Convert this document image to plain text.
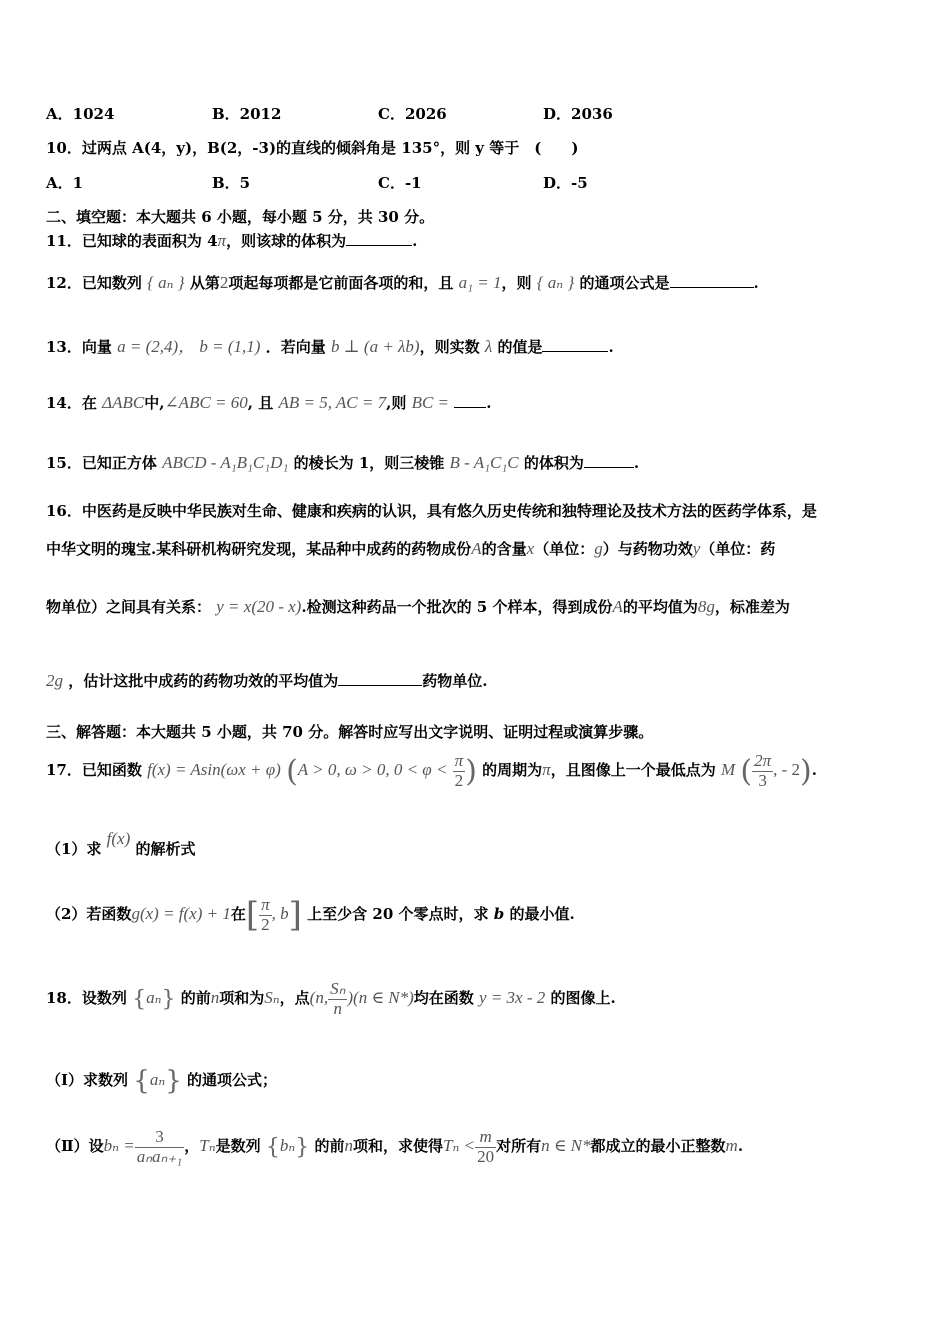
A．1024	B．2012	C．2026	D．2036
10．过两点 A(4，y)，B(2，-3)的直线的倾斜角是 135°，则 y 等于　(　　)
A．1	B．5	C．-1	D．-5
二、填空题：本大题共 6 小题，每小题 5 分，共 30 分。
11．已知球的表面积为 4π，则该球的体积为	.
12．已知数列 { aₙ } 从第2项起每项都是它前面各项的和，且 a₁ = 1，则 { aₙ } 的通项公式是	.
13．向量 a = (2,4)， b = (1,1) ．若向量 b ⊥ (a + λb)，则实数 λ 的值是	.
14．在 ΔABC中,∠ABC = 60, 且 AB = 5, AC = 7,则 BC = .
15．已知正方体 ABCD - A₁B₁C₁D₁ 的棱长为 1，则三棱锥 B - A₁C₁C 的体积为	.
16．中医药是反映中华民族对生命、健康和疾病的认识，具有悠久历史传统和独特理论及技术方法的医药学体系，是
中华文明的瑰宝.某科研机构研究发现，某品种中成药的药物成份A的含量x（单位：g）与药物功效y（单位：药
物单位）之间具有关系： y = x(20 - x).检测这种药品一个批次的 5 个样本，得到成份A的平均值为8g，标准差为
2g ，估计这批中成药的药物功效的平均值为	药物单位.
三、解答题：本大题共 5 小题，共 70 分。解答时应写出文字说明、证明过程或演算步骤。
17．已知函数 f(x) = Asin(ωx + φ) (A > 0, ω > 0, $0 < \varphi < \frac{\pi}{2}$ ) 的周期为π，且图像上一个最低点为 M ( $\frac{2\pi}{3}$ , - 2).
（1）求 f(x) 的解析式
（2）若函数g(x) = f(x) + 1在[ $\frac{\pi}{2}$ , b] 上至少含 20 个零点时，求 b 的最小值.
18．设数列 {aₙ} 的前n项和为Sₙ，点(n, $\frac{\text{Sₙ}}{n} )(n$ ∈ N*)均在函数 y = 3x - 2 的图像上.
（Ⅰ）求数列 {aₙ} 的通项公式；
（Ⅱ）设$b_n = \frac{3}{\text{aₙaₙ₊₁}}$ ，Tₙ是数列 {bₙ} 的前n项和，求使得$T_n < \frac{m}{20}$ 对所有n ∈ N*都成立的最小正整数m.
